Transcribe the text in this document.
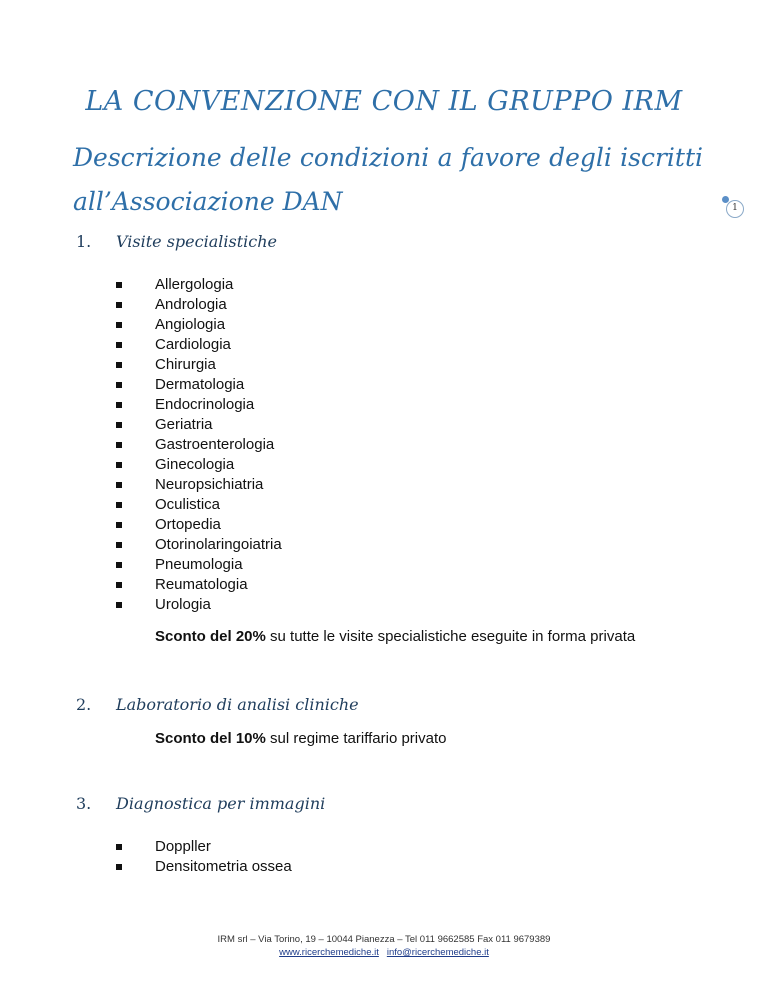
LA CONVENZIONE CON IL GRUPPO IRM
Descrizione delle condizioni a favore degli iscritti all’Associazione DAN	1
1. Visite specialistiche
Allergologia
Andrologia
Angiologia
Cardiologia
Chirurgia
Dermatologia
Endocrinologia
Geriatria
Gastroenterologia
Ginecologia
Neuropsichiatria
Oculistica
Ortopedia
Otorinolaringoiatria
Pneumologia
Reumatologia
Urologia
Sconto del 20% su tutte le visite specialistiche eseguite in forma privata
2. Laboratorio di analisi cliniche
Sconto del 10% sul regime tariffario privato
3. Diagnostica per immagini
Doppller
Densitometria ossea
IRM srl – Via Torino, 19 – 10044 Pianezza – Tel 011 9662585 Fax 011 9679389
www.ricerchemediche.it info@ricerchemediche.it
